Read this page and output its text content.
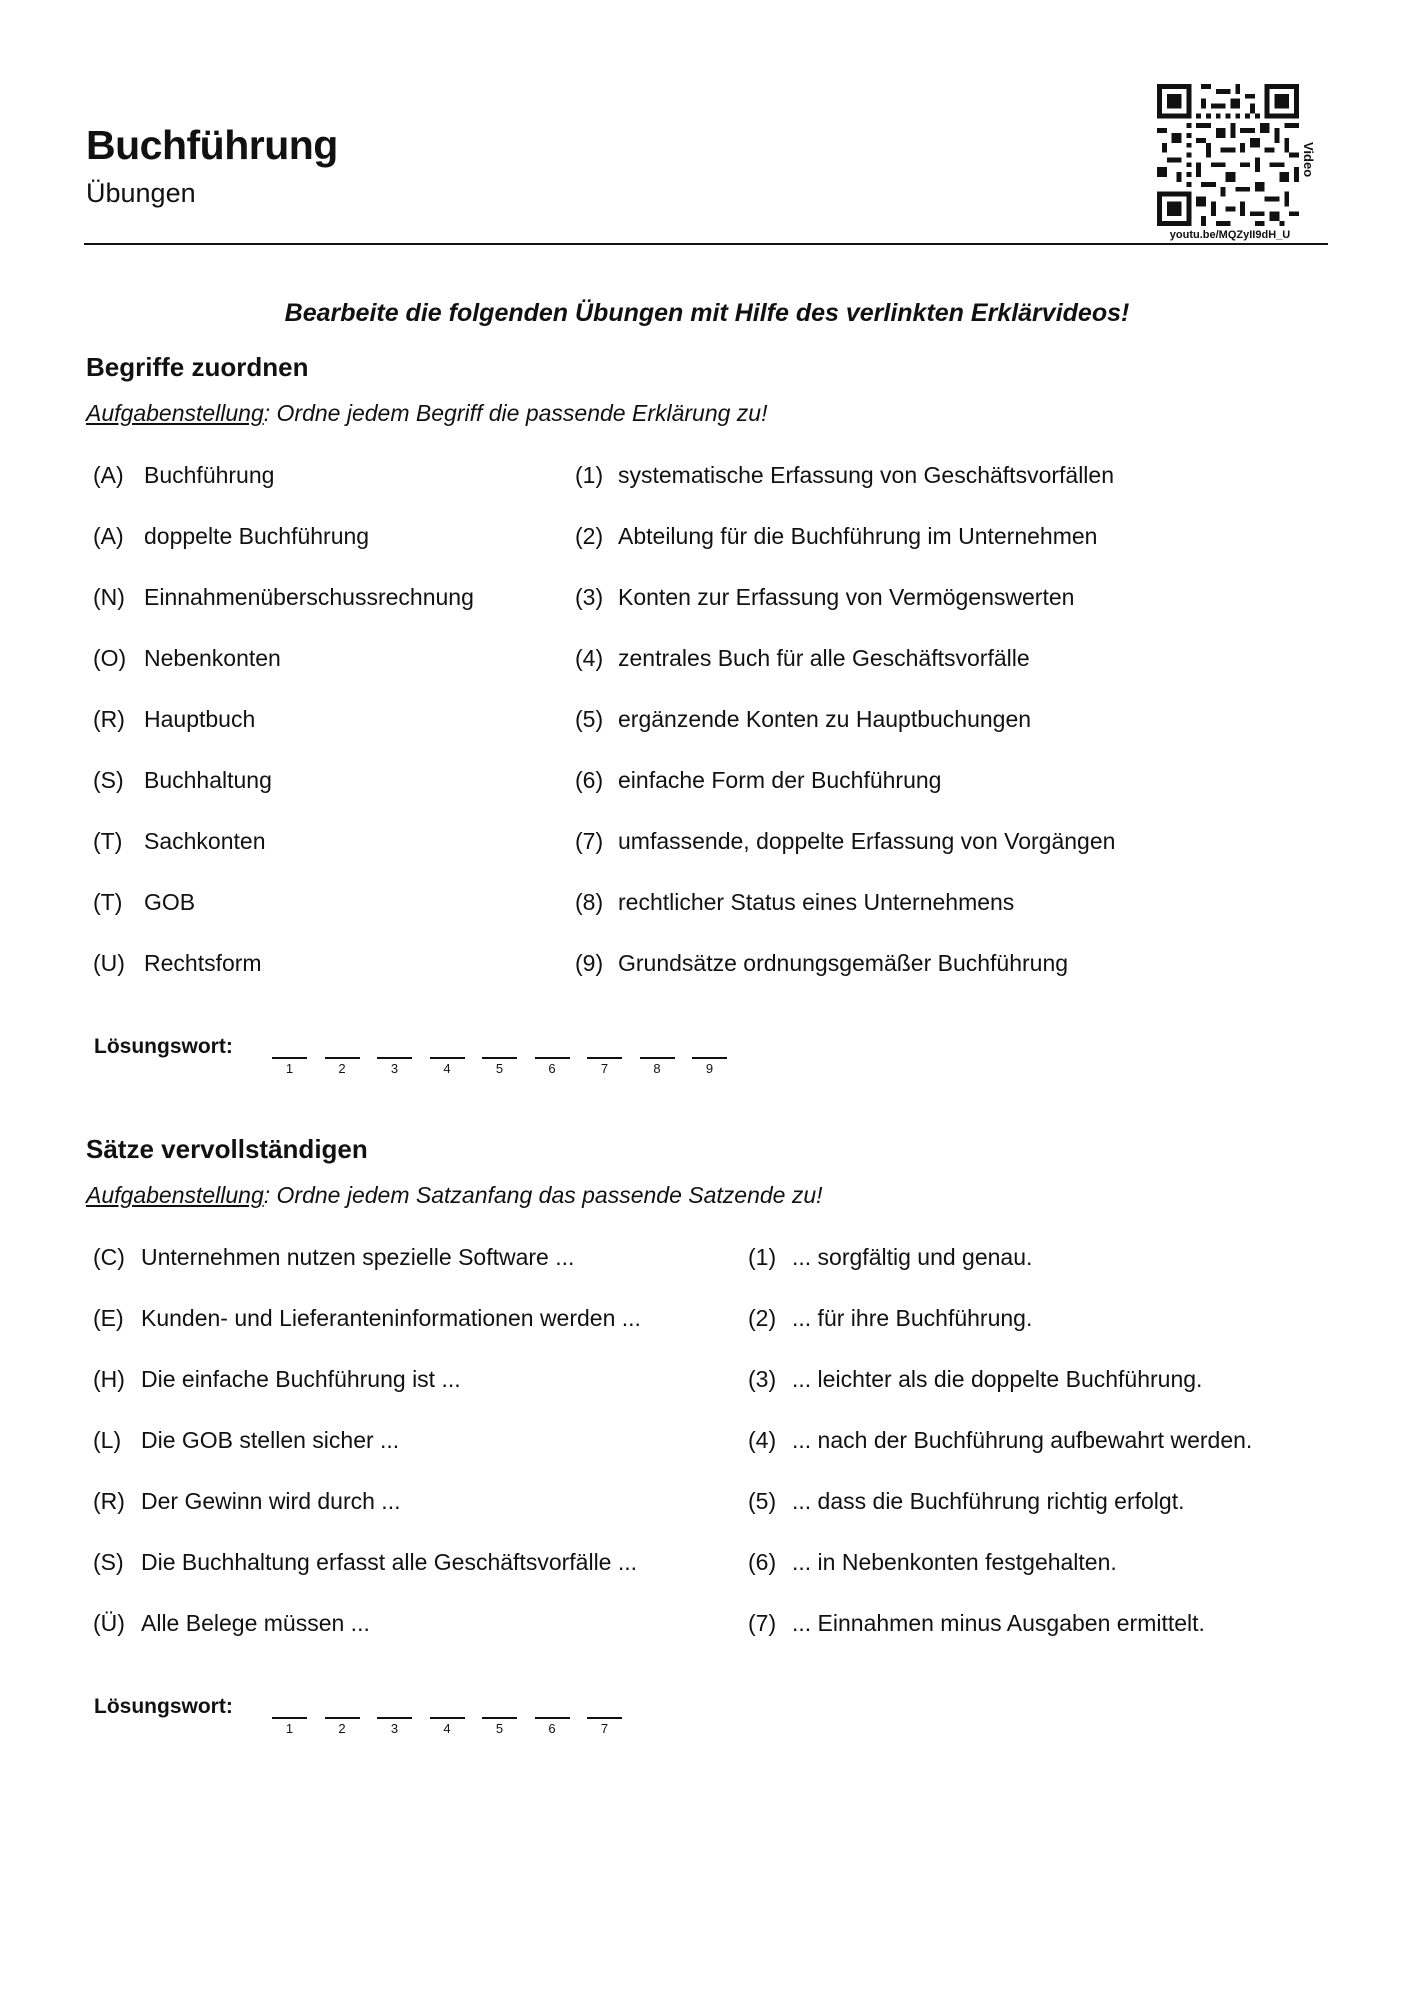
Buchführung
Übungen
youtu.be/MQZyII9dH_U
Video
Bearbeite die folgenden Übungen mit Hilfe des verlinkten Erklärvideos!
Begriffe zuordnen
Aufgabenstellung: Ordne jedem Begriff die passende Erklärung zu!
(A) Buchführung
(A) doppelte Buchführung
(N) Einnahmenüberschussrechnung
(O) Nebenkonten
(R) Hauptbuch
(S) Buchhaltung
(T) Sachkonten
(T) GOB
(U) Rechtsform
(1) systematische Erfassung von Geschäftsvorfällen
(2) Abteilung für die Buchführung im Unternehmen
(3) Konten zur Erfassung von Vermögenswerten
(4) zentrales Buch für alle Geschäftsvorfälle
(5) ergänzende Konten zu Hauptbuchungen
(6) einfache Form der Buchführung
(7) umfassende, doppelte Erfassung von Vorgängen
(8) rechtlicher Status eines Unternehmens
(9) Grundsätze ordnungsgemäßer Buchführung
Lösungswort:
1	2	3	4	5	6	7	8	9
Sätze vervollständigen
Aufgabenstellung: Ordne jedem Satzanfang das passende Satzende zu!
(C) Unternehmen nutzen spezielle Software ...
(E) Kunden- und Lieferanteninformationen werden ...
(H) Die einfache Buchführung ist ...
(L) Die GOB stellen sicher ...
(R) Der Gewinn wird durch ...
(S) Die Buchhaltung erfasst alle Geschäftsvorfälle ...
(Ü) Alle Belege müssen ...
(1) ... sorgfältig und genau.
(2) ... für ihre Buchführung.
(3) ... leichter als die doppelte Buchführung.
(4) ... nach der Buchführung aufbewahrt werden.
(5) ... dass die Buchführung richtig erfolgt.
(6) ... in Nebenkonten festgehalten.
(7) ... Einnahmen minus Ausgaben ermittelt.
Lösungswort:
1	2	3	4	5	6	7
